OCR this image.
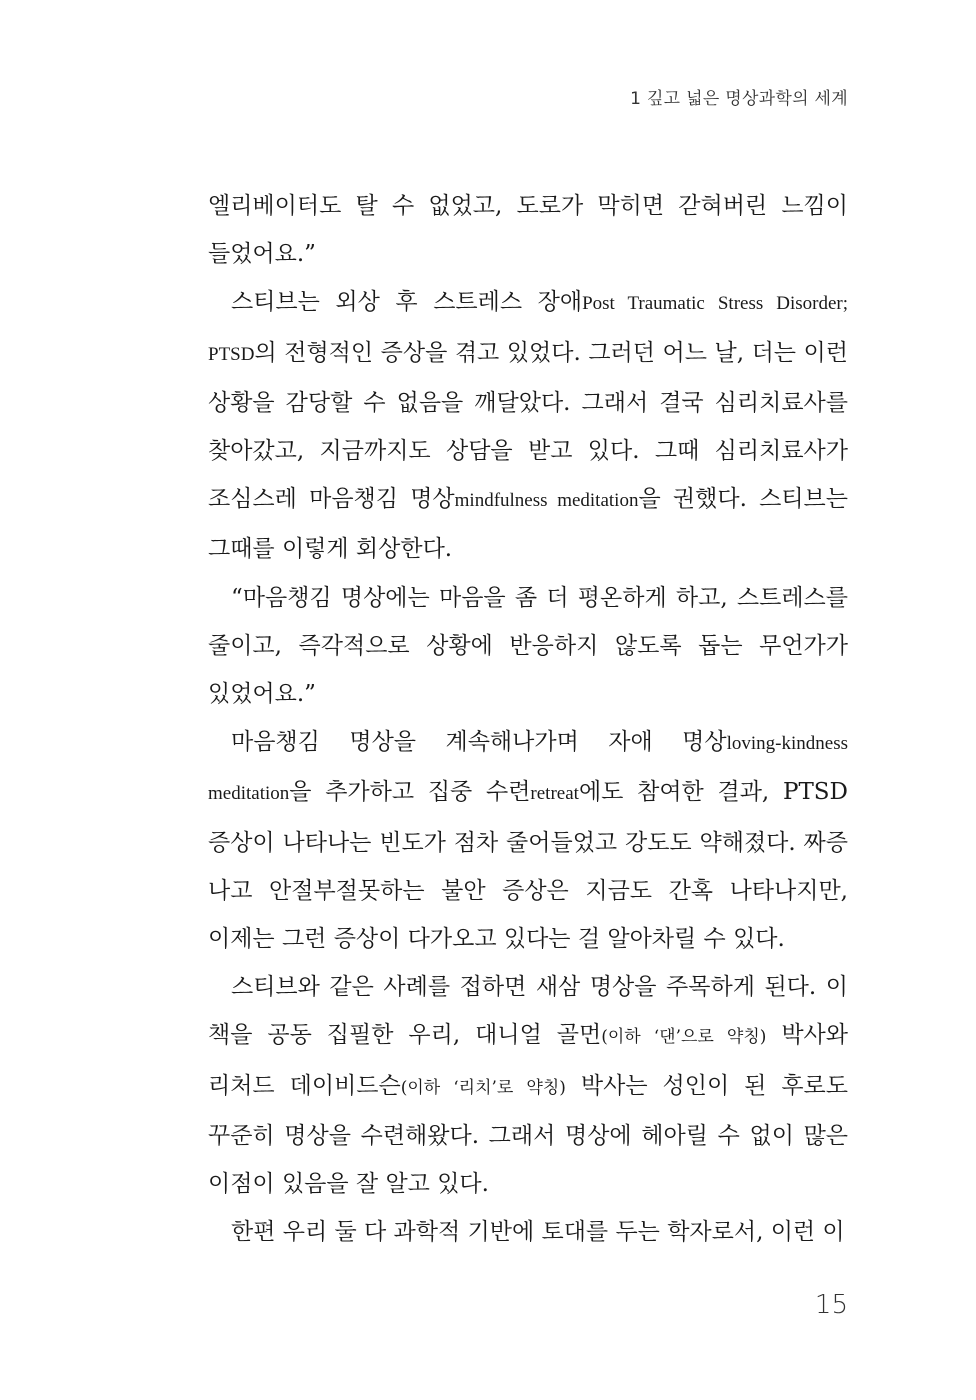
1 깊고 넓은 명상과학의 세계

엘리베이터도 탈 수 없었고, 도로가 막히면 갇혀버린 느낌이 들었어요.”

스티브는 외상 후 스트레스 장애Post Traumatic Stress Disorder; PTSD의 전형적인 증상을 겪고 있었다. 그러던 어느 날, 더는 이런 상황을 감당할 수 없음을 깨달았다. 그래서 결국 심리치료사를 찾아갔고, 지금까지도 상담을 받고 있다. 그때 심리치료사가 조심스레 마음챙김 명상mindfulness meditation을 권했다. 스티브는 그때를 이렇게 회상한다.

“마음챙김 명상에는 마음을 좀 더 평온하게 하고, 스트레스를 줄이고, 즉각적으로 상황에 반응하지 않도록 돕는 무언가가 있었어요.”

마음챙김 명상을 계속해나가며 자애 명상loving-kindness meditation을 추가하고 집중 수련retreat에도 참여한 결과, PTSD 증상이 나타나는 빈도가 점차 줄어들었고 강도도 약해졌다. 짜증 나고 안절부절못하는 불안 증상은 지금도 간혹 나타나지만, 이제는 그런 증상이 다가오고 있다는 걸 알아차릴 수 있다.

스티브와 같은 사례를 접하면 새삼 명상을 주목하게 된다. 이 책을 공동 집필한 우리, 대니얼 골먼(이하 ‘댄’으로 약칭) 박사와 리처드 데이비드슨(이하 ‘리치’로 약칭) 박사는 성인이 된 후로도 꾸준히 명상을 수련해왔다. 그래서 명상에 헤아릴 수 없이 많은 이점이 있음을 잘 알고 있다.

한편 우리 둘 다 과학적 기반에 토대를 두는 학자로서, 이런 이

15
